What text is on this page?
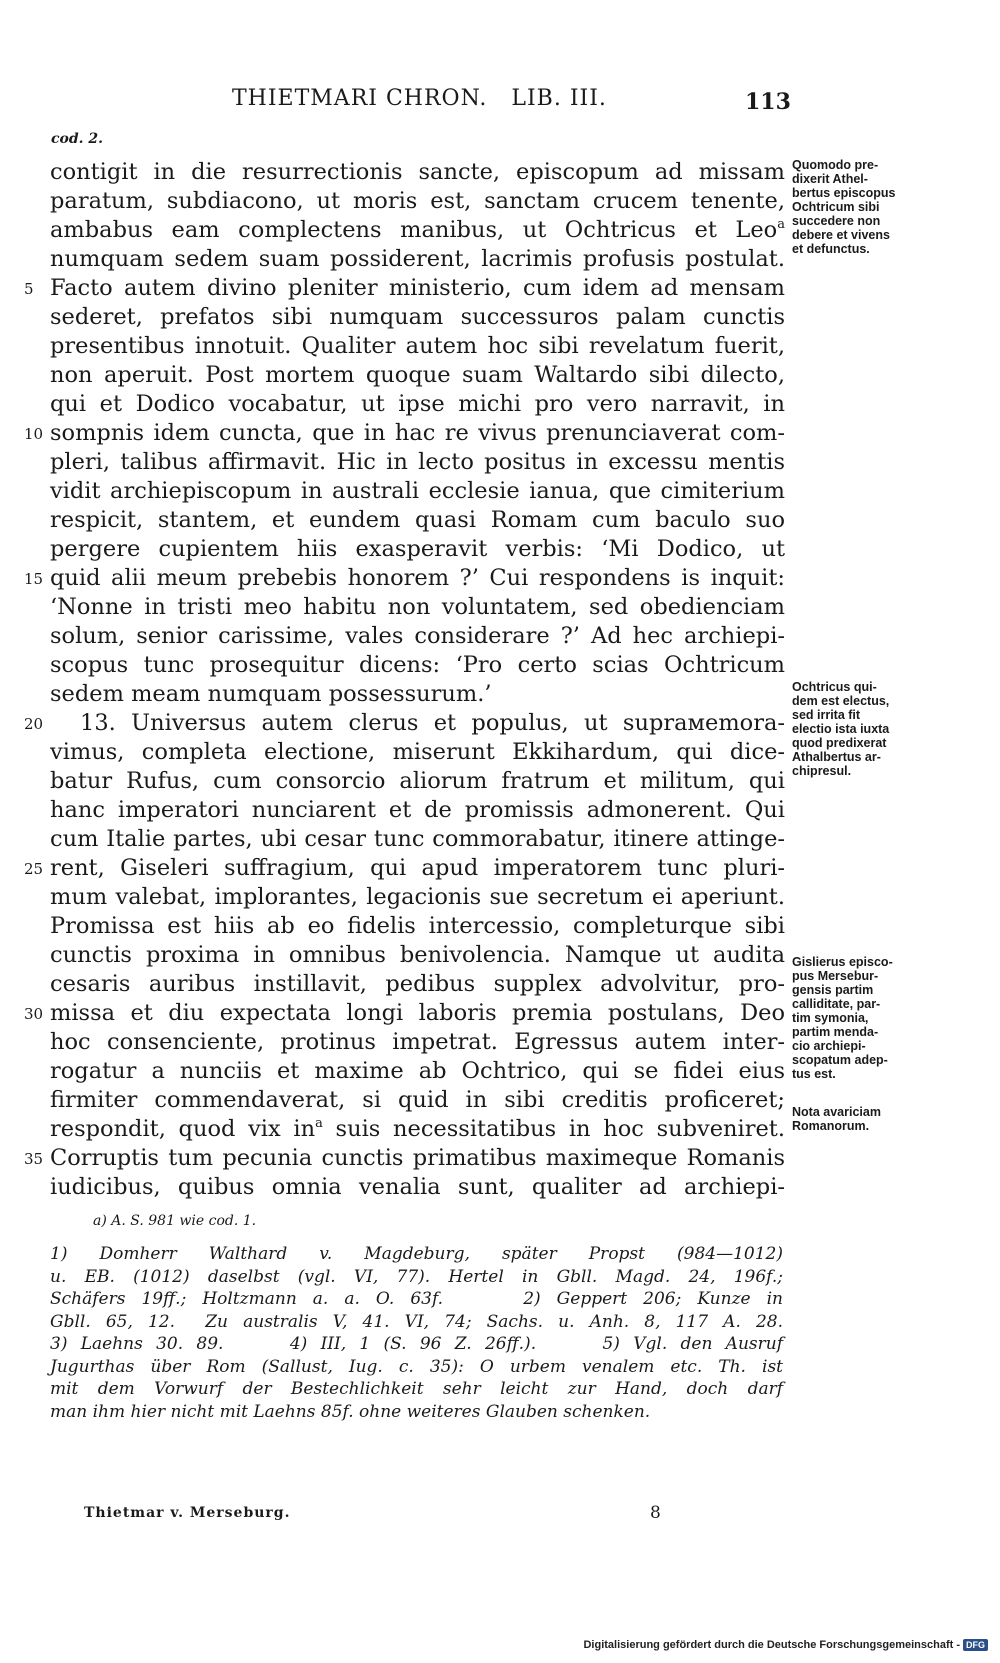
THIETMARI CHRON.   LIB. III.	113
cod. 2.
contigit in die resurrectionis sancte, episcopum ad missam
paratum, subdiacono, ut moris est, sanctam crucem tenente,
ambabus eam complectens manibus, ut Ochtricus et Leo$^a$
numquam sedem suam possiderent, lacrimis profusis postulat.
5 Facto autem divino pleniter ministerio, cum idem ad mensam
sederet, prefatos sibi numquam successuros palam cunctis
presentibus innotuit. Qualiter autem hoc sibi revelatum fuerit,
non aperuit. Post mortem quoque suam Waltardo sibi dilecto,
qui et Dodico vocabatur, ut ipse michi pro vero narravit, in
10 sompnis idem cuncta, que in hac re vivus prenunciaverat com-
pleri, talibus affirmavit. Hic in lecto positus in excessu mentis
vidit archiepiscopum in australi ecclesie ianua, que cimiterium
respicit, stantem, et eundem quasi Romam cum baculo suo
pergere cupientem hiis exasperavit verbis: ‘Mi Dodico, ut
15 quid alii meum prebebis honorem ?’ Cui respondens is inquit:
‘Nonne in tristi meo habitu non voluntatem, sed obedienciam
solum, senior carissime, vales considerare ?’ Ad hec archiepi-
scopus tunc prosequitur dicens: ‘Pro certo scias Ochtricum
sedem meam numquam possessurum.’
20	13. Universus autem clerus et populus, ut suprамemora-
vimus, completa electione, miserunt Ekkihardum, qui dice-
batur Rufus, cum consorcio aliorum fratrum et militum, qui
hanc imperatori nunciarent et de promissis admonerent. Qui
cum Italie partes, ubi cesar tunc commorabatur, itinere attinge-
25 rent, Giseleri suffragium, qui apud imperatorem tunc pluri-
mum valebat, implorantes, legacionis sue secretum ei aperiunt.
Promissa est hiis ab eo fidelis intercessio, completurque sibi
cunctis proxima in omnibus benivolencia. Namque ut audita
cesaris auribus instillavit, pedibus supplex advolvitur, pro-
30 missa et diu expectata longi laboris premia postulans, Deo
hoc consenciente, protinus impetrat. Egressus autem inter-
rogatur a nunciis et maxime ab Ochtrico, qui se fidei eius
firmiter commendaverat, si quid in sibi creditis proficeret;
respondit, quod vix $in^a$ suis necessitatibus in hoc subveniret.
35 Corruptis tum pecunia cunctis primatibus maximeque Romanis
iudicibus, quibus omnia venalia sunt, qualiter ad archiepi-
a) A. S. 981 wie cod. 1.
1) Domherr Walthard v. Magdeburg, später Propst (984—1012)
u. EB. (1012) daselbst (vgl. VI, 77). Hertel in Gbll. Magd. 24, 196f.;
Schäfers 19ff.; Holtzmann a. a. O. 63f.     2) Geppert 206; Kunze in
Gbll. 65, 12.  Zu australis V, 41. VI, 74; Sachs. u. Anh. 8, 117 A. 28.
3) Laehns 30. 89.     4) III, 1 (S. 96 Z. 26ff.).     5) Vgl. den Ausruf
Jugurthas über Rom (Sallust, Iug. c. 35): O urbem venalem etc. Th. ist
mit dem Vorwurf der Bestechlichkeit sehr leicht zur Hand, doch darf
man ihm hier nicht mit Laehns 85f. ohne weiteres Glauben schenken.
Thietmar v. Merseburg.	8
Digitalisierung gefördert durch die Deutsche Forschungsgemeinschaft - DFG
Quomodo pre-
dixerit Athel-
bertus episcopus
Ochtricum sibi
succedere non
debere et vivens
et defunctus.
Ochtricus qui-
dem est electus,
sed irrita fit
electio ista iuxta
quod predixerat
Athalbertus ar-
chipresul.
Gislierus episco-
pus Mersebur-
gensis partim
calliditate, par-
tim symonia,
partim menda-
cio archiepi-
scopatum adep-
tus est.
Nota avariciam
Romanorum.
